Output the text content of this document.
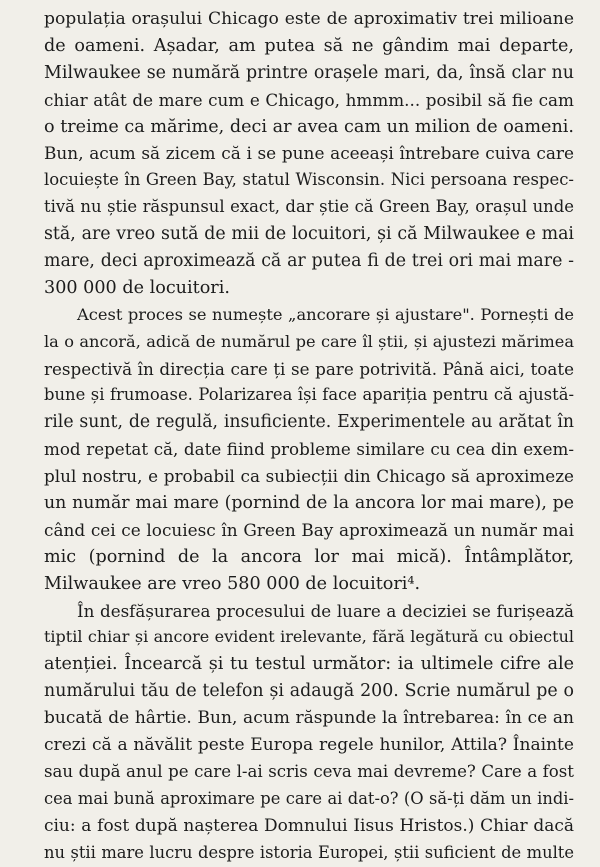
populația orașului Chicago este de aproximativ trei milioane
de oameni. Așadar, am putea să ne gândim mai departe,
Milwaukee se numără printre orașele mari, da, însă clar nu
chiar atât de mare cum e Chicago, hmmm... posibil să fie cam
o treime ca mărime, deci ar avea cam un milion de oameni.
Bun, acum să zicem că i se pune aceeași întrebare cuiva care
locuiește în Green Bay, statul Wisconsin. Nici persoana respec-
tivă nu știe răspunsul exact, dar știe că Green Bay, orașul unde
stă, are vreo sută de mii de locuitori, și că Milwaukee e mai
mare, deci aproximează că ar putea fi de trei ori mai mare -
300 000 de locuitori.
Acest proces se numește „ancorare și ajustare". Pornești de
la o ancoră, adică de numărul pe care îl știi, și ajustezi mărimea
respectivă în direcția care ți se pare potrivită. Până aici, toate
bune și frumoase. Polarizarea își face apariția pentru că ajustă-
rile sunt, de regulă, insuficiente. Experimentele au arătat în
mod repetat că, date fiind probleme similare cu cea din exem-
plul nostru, e probabil ca subiecții din Chicago să aproximeze
un număr mai mare (pornind de la ancora lor mai mare), pe
când cei ce locuiesc în Green Bay aproximează un număr mai
mic (pornind de la ancora lor mai mică). Întâmplător,
Milwaukee are vreo 580 000 de locuitori⁴.
În desfășurarea procesului de luare a deciziei se furișează
tiptil chiar și ancore evident irelevante, fără legătură cu obiectul
atenției. Încearcă și tu testul următor: ia ultimele cifre ale
numărului tău de telefon și adaugă 200. Scrie numărul pe o
bucată de hârtie. Bun, acum răspunde la întrebarea: în ce an
crezi că a năvălit peste Europa regele hunilor, Attila? Înainte
sau după anul pe care l-ai scris ceva mai devreme? Care a fost
cea mai bună aproximare pe care ai dat-o? (O să-ți dăm un indi-
ciu: a fost după nașterea Domnului Iisus Hristos.) Chiar dacă
nu știi mare lucru despre istoria Europei, știi suficient de multe
